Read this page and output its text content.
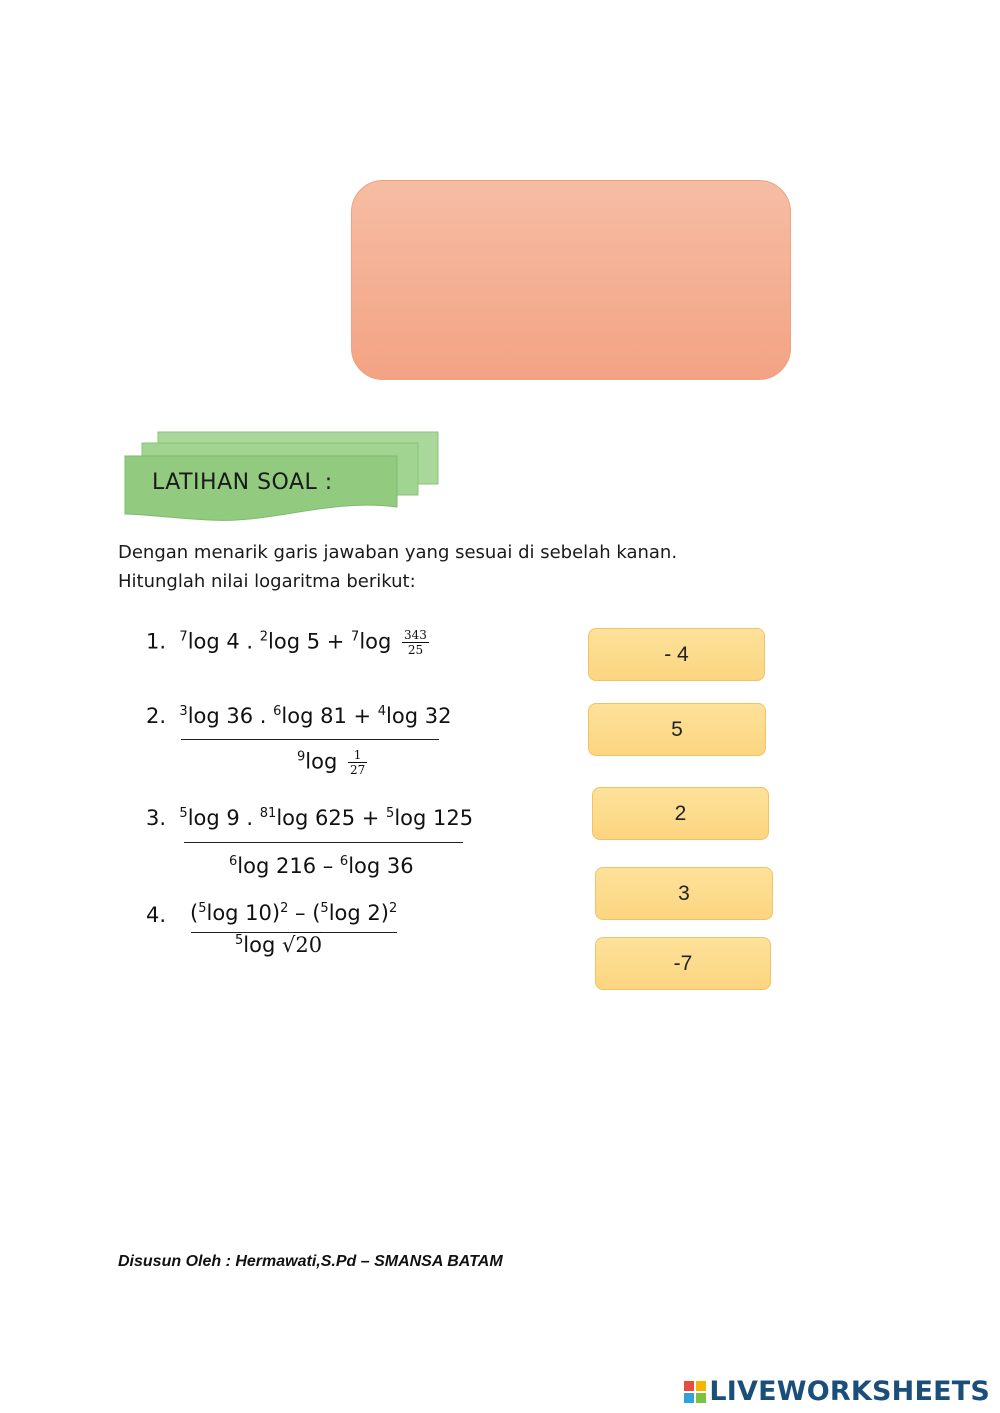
LATIHAN SOAL :
Dengan menarik garis jawaban yang sesuai di sebelah kanan.
Hitunglah nilai logaritma berikut:
1. $^7$log 4 . $^2$log $5 + ^7\log \frac{343}{25}$
2. $^3$log 36 . $^6$log 81 + $^4$log 32
$^9\log \frac{1}{27}$
3. $^5$log 9 . $^{81}$log 625 + $^5$log 125
$^6$log 216 – $^6$log 36
4. ($^5$log 10)$^2$ – ($^5$log 2)$^2$
$^5$log √20
- 4
5
2
3
-7
Disusun Oleh : Hermawati,S.Pd – SMANSA BATAM
LIVEWORKSHEETS
